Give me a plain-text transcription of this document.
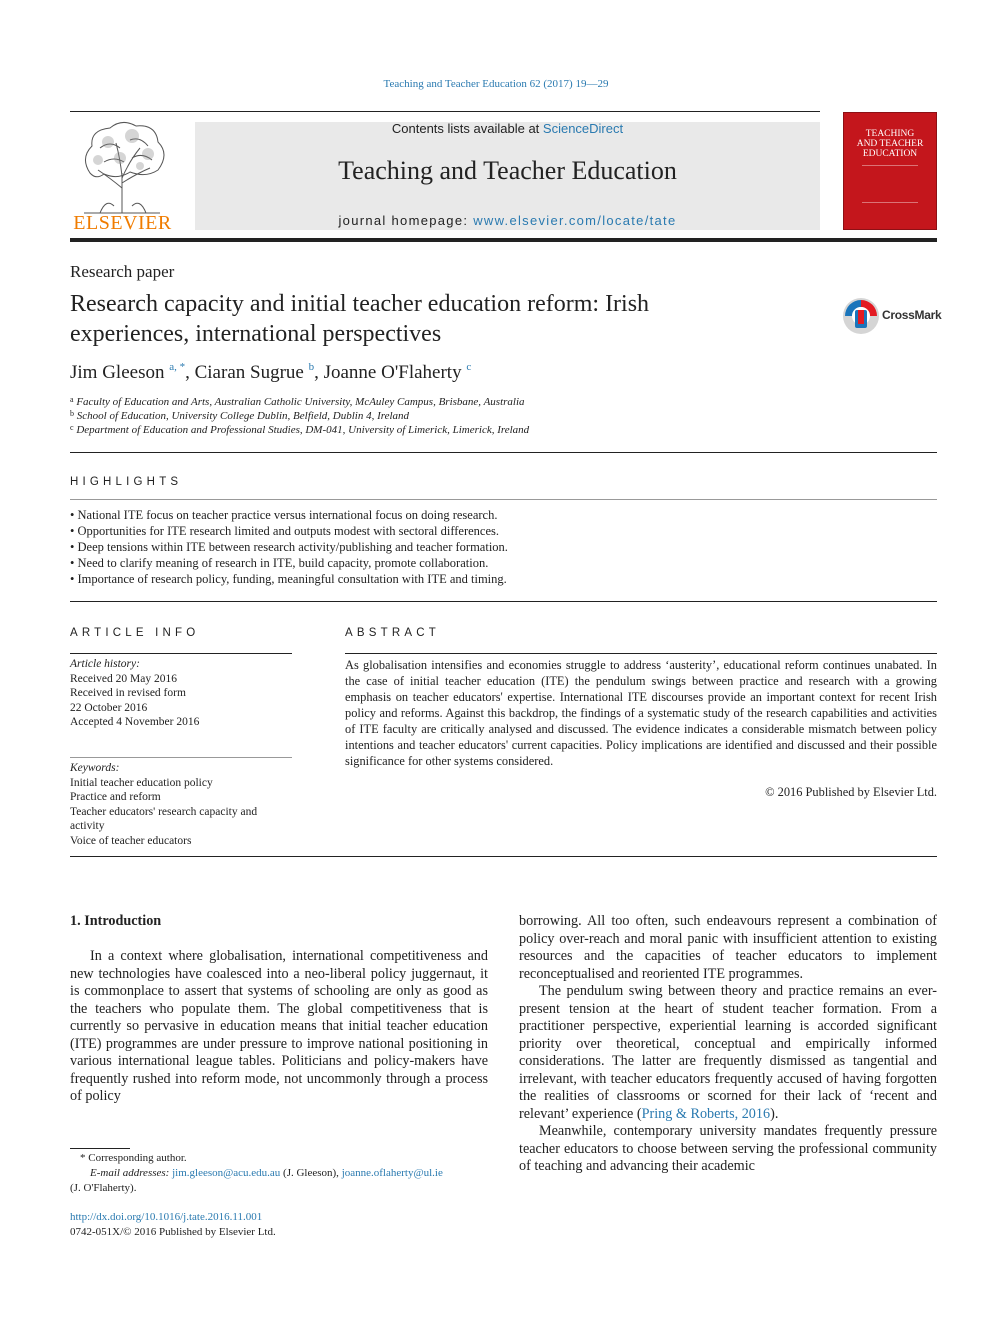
Teaching and Teacher Education 62 (2017) 19—29
ELSEVIER
Contents lists available at ScienceDirect
Teaching and Teacher Education
journal homepage: www.elsevier.com/locate/tate
TEACHING
AND TEACHER
EDUCATION
Research paper
Research capacity and initial teacher education reform: Irish
experiences, international perspectives
CrossMark
Jim Gleeson $^{a, *}$, Ciaran Sugrue $^b$, Joanne O'Flaherty $^c$
$^a$ Faculty of Education and Arts, Australian Catholic University, McAuley Campus, Brisbane, Australia
$^b$ School of Education, University College Dublin, Belfield, Dublin 4, Ireland
$^c$ Department of Education and Professional Studies, DM-041, University of Limerick, Limerick, Ireland
HIGHLIGHTS
• National ITE focus on teacher practice versus international focus on doing research.
• Opportunities for ITE research limited and outputs modest with sectoral differences.
• Deep tensions within ITE between research activity/publishing and teacher formation.
• Need to clarify meaning of research in ITE, build capacity, promote collaboration.
• Importance of research policy, funding, meaningful consultation with ITE and timing.
ARTICLE INFO
Article history:
Received 20 May 2016
Received in revised form
22 October 2016
Accepted 4 November 2016
Keywords:
Initial teacher education policy
Practice and reform
Teacher educators' research capacity and
activity
Voice of teacher educators
ABSTRACT
As globalisation intensifies and economies struggle to address ‘austerity’, educational reform continues unabated. In the case of initial teacher education (ITE) the pendulum swings between practice and research with a growing emphasis on teacher educators' expertise. International ITE discourses provide an important context for recent Irish policy and reforms. Against this backdrop, the findings of a systematic study of the research capabilities and activities of ITE faculty are critically analysed and discussed. The evidence indicates a considerable mismatch between policy intentions and teacher educators' current capacities. Policy implications are identified and discussed and their possible significance for other systems considered.
© 2016 Published by Elsevier Ltd.
1. Introduction

In a context where globalisation, international competitiveness and new technologies have coalesced into a neo-liberal policy juggernaut, it is commonplace to assert that systems of schooling are only as good as the teachers who populate them. The global competitiveness that is currently so pervasive in education means that initial teacher education (ITE) programmes are under pressure to improve national positioning in various international league tables. Politicians and policy-makers have frequently rushed into reform mode, not uncommonly through a process of policy

borrowing. All too often, such endeavours represent a combination of policy over-reach and moral panic with insufficient attention to existing resources and the capacities of teacher educators to implement reconceptualised and reoriented ITE programmes.

The pendulum swing between theory and practice remains an ever-present tension at the heart of student teacher formation. From a practitioner perspective, experiential learning is accorded significant priority over theoretical, conceptual and empirically informed considerations. The latter are frequently dismissed as tangential and irrelevant, with teacher educators frequently accused of having forgotten the realities of classrooms or scorned for their lack of ‘recent and relevant’ experience (Pring & Roberts, 2016).

Meanwhile, contemporary university mandates frequently pressure teacher educators to choose between serving the professional community of teaching and advancing their academic

* Corresponding author.
E-mail addresses: jim.gleeson@acu.edu.au (J. Gleeson), joanne.oflaherty@ul.ie
(J. O'Flaherty).
http://dx.doi.org/10.1016/j.tate.2016.11.001
0742-051X/© 2016 Published by Elsevier Ltd.
